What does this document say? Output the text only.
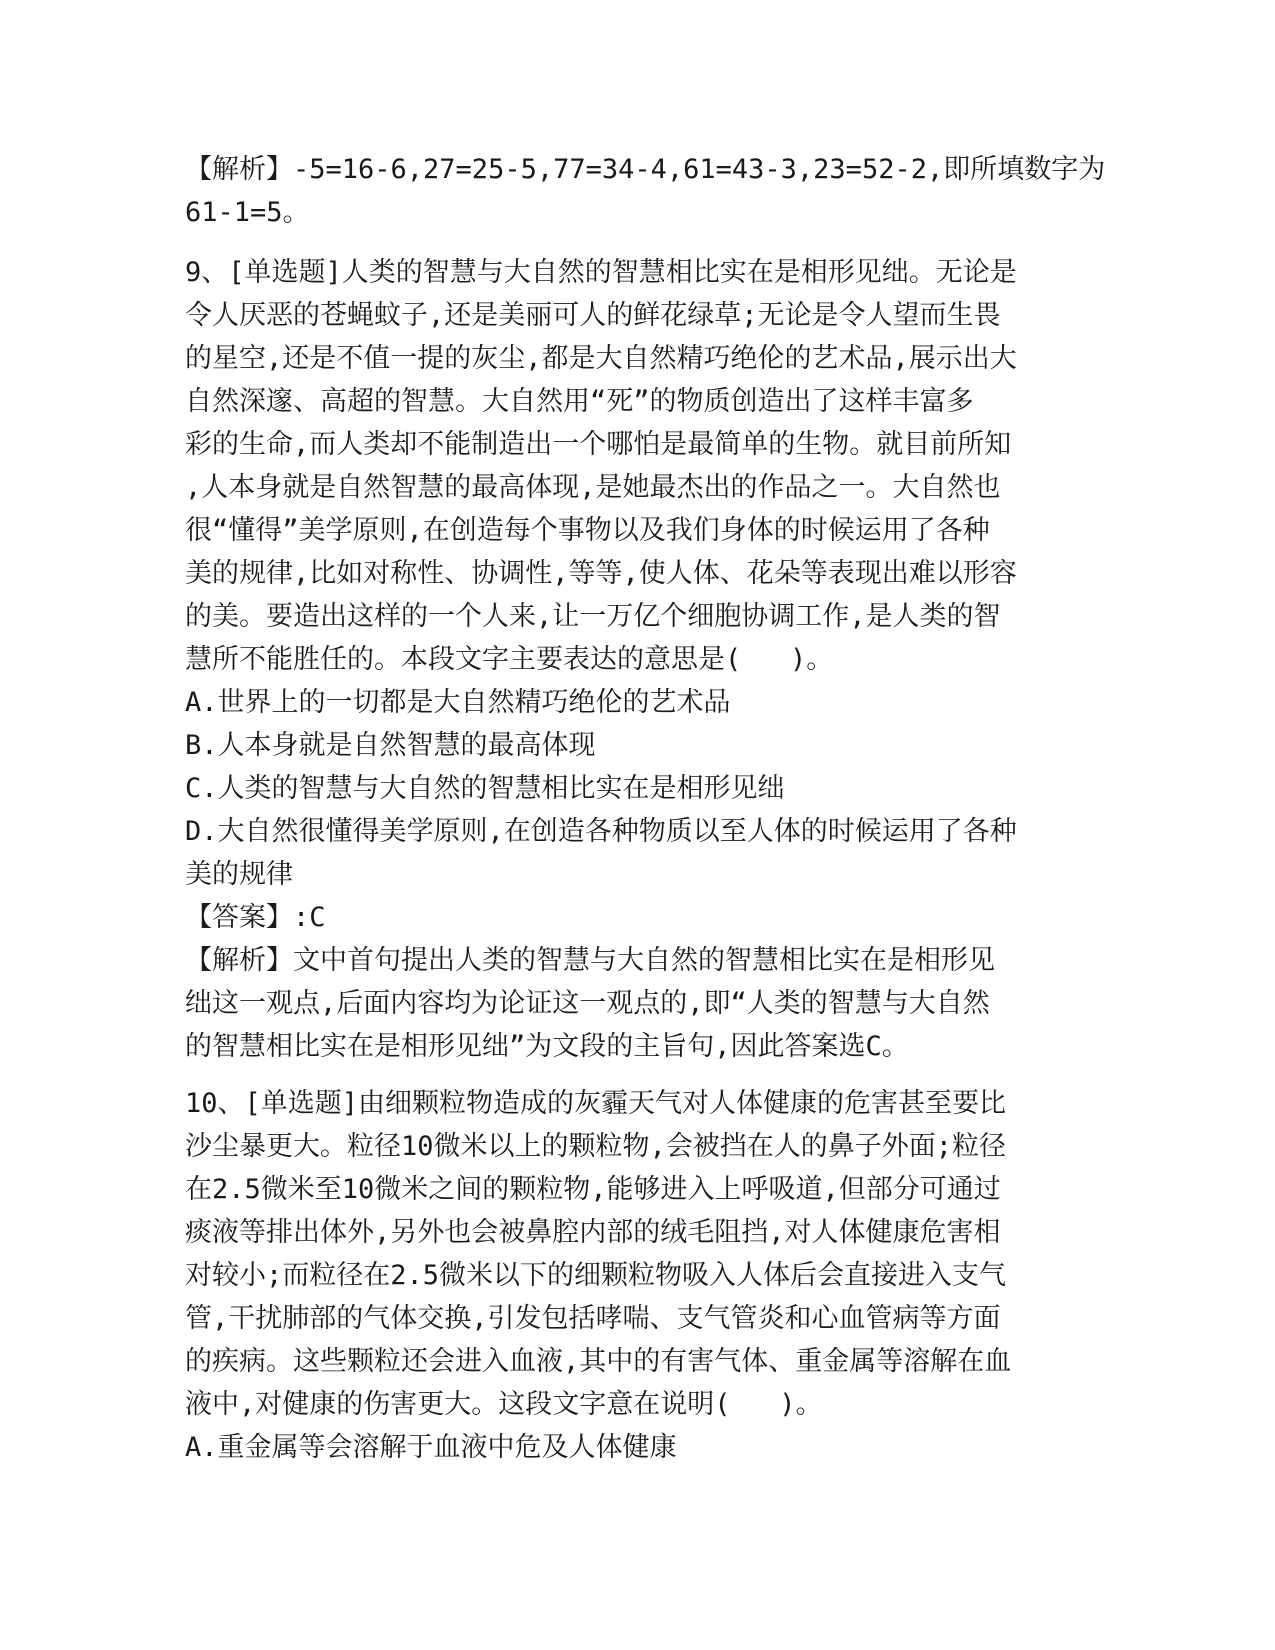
【解析】-5=16-6,27=25-5,77=34-4,61=43-3,23=52-2,即所填数字为
61-1=5。
9、[单选题]人类的智慧与大自然的智慧相比实在是相形见绌。无论是
令人厌恶的苍蝇蚊子,还是美丽可人的鲜花绿草;无论是令人望而生畏
的星空,还是不值一提的灰尘,都是大自然精巧绝伦的艺术品,展示出大
自然深邃、高超的智慧。大自然用“死”的物质创造出了这样丰富多
彩的生命,而人类却不能制造出一个哪怕是最简单的生物。就目前所知
,人本身就是自然智慧的最高体现,是她最杰出的作品之一。大自然也
很“懂得”美学原则,在创造每个事物以及我们身体的时候运用了各种
美的规律,比如对称性、协调性,等等,使人体、花朵等表现出难以形容
的美。要造出这样的一个人来,让一万亿个细胞协调工作,是人类的智
慧所不能胜任的。本段文字主要表达的意思是(   )。
A.世界上的一切都是大自然精巧绝伦的艺术品
B.人本身就是自然智慧的最高体现
C.人类的智慧与大自然的智慧相比实在是相形见绌
D.大自然很懂得美学原则,在创造各种物质以至人体的时候运用了各种
美的规律
【答案】:C
【解析】文中首句提出人类的智慧与大自然的智慧相比实在是相形见
绌这一观点,后面内容均为论证这一观点的,即“人类的智慧与大自然
的智慧相比实在是相形见绌”为文段的主旨句,因此答案选C。
10、[单选题]由细颗粒物造成的灰霾天气对人体健康的危害甚至要比
沙尘暴更大。粒径10微米以上的颗粒物,会被挡在人的鼻子外面;粒径
在2.5微米至10微米之间的颗粒物,能够进入上呼吸道,但部分可通过
痰液等排出体外,另外也会被鼻腔内部的绒毛阻挡,对人体健康危害相
对较小;而粒径在2.5微米以下的细颗粒物吸入人体后会直接进入支气
管,干扰肺部的气体交换,引发包括哮喘、支气管炎和心血管病等方面
的疾病。这些颗粒还会进入血液,其中的有害气体、重金属等溶解在血
液中,对健康的伤害更大。这段文字意在说明(   )。
A.重金属等会溶解于血液中危及人体健康
